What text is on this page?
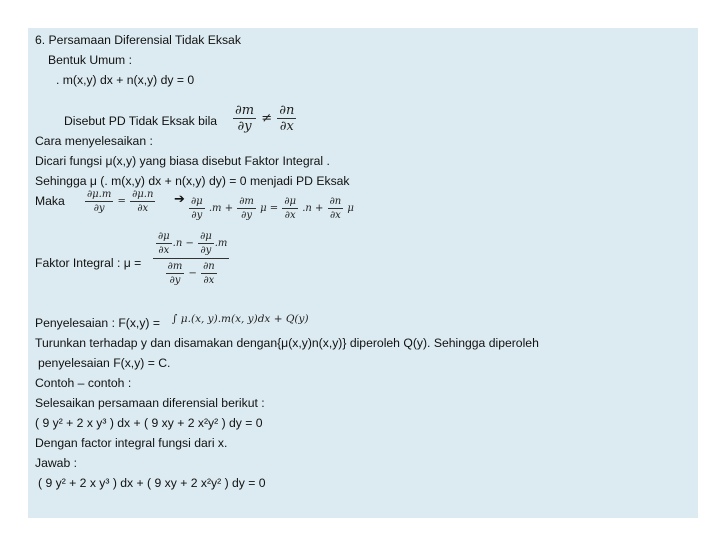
6. Persamaan Diferensial Tidak Eksak
Bentuk Umum :
. m(x,y) dx + n(x,y) dy = 0
Disebut PD Tidak Eksak bila $\frac{\partial m}{\partial y} \ne \frac{\partial n}{\partial x}$
Cara menyelesaikan :
Dicari fungsi μ(x,y) yang biasa disebut Faktor Integral .
Sehingga μ (. m(x,y) dx + n(x,y) dy) = 0 menjadi PD Eksak
Maka $\frac{\partial\mu.m}{\partial y} = \frac{\partial\mu.n}{\partial x}$ ➔ $\frac{\partial\mu}{\partial y} .m + \frac{\partial m}{\partial y}$ $\mu = \frac{\partial\mu}{\partial x} .n + \frac{\partial n}{\partial x}$ μ
Faktor Integral : $\mu = \frac{\frac{\partial\mu}{\partial x} .n - \frac{\partial\mu}{\partial y} .m}{\frac{\partial m}{\partial y} - \frac{\partial n}{\partial x}}$
Penyelesaian : F(x,y) = ∫ μ.(x, y).m(x, y)dx + Q(y)
Turunkan terhadap y dan disamakan dengan{μ(x,y)n(x,y)} diperoleh Q(y). Sehingga diperoleh
penyelesaian F(x,y) = C.
Contoh – contoh :
Selesaikan persamaan diferensial berikut :
( 9 y² + 2 x y³ ) dx + ( 9 xy + 2 x²y² ) dy = 0
Dengan factor integral fungsi dari x.
Jawab :
( 9 y² + 2 x y³ ) dx + ( 9 xy + 2 x²y² ) dy = 0
